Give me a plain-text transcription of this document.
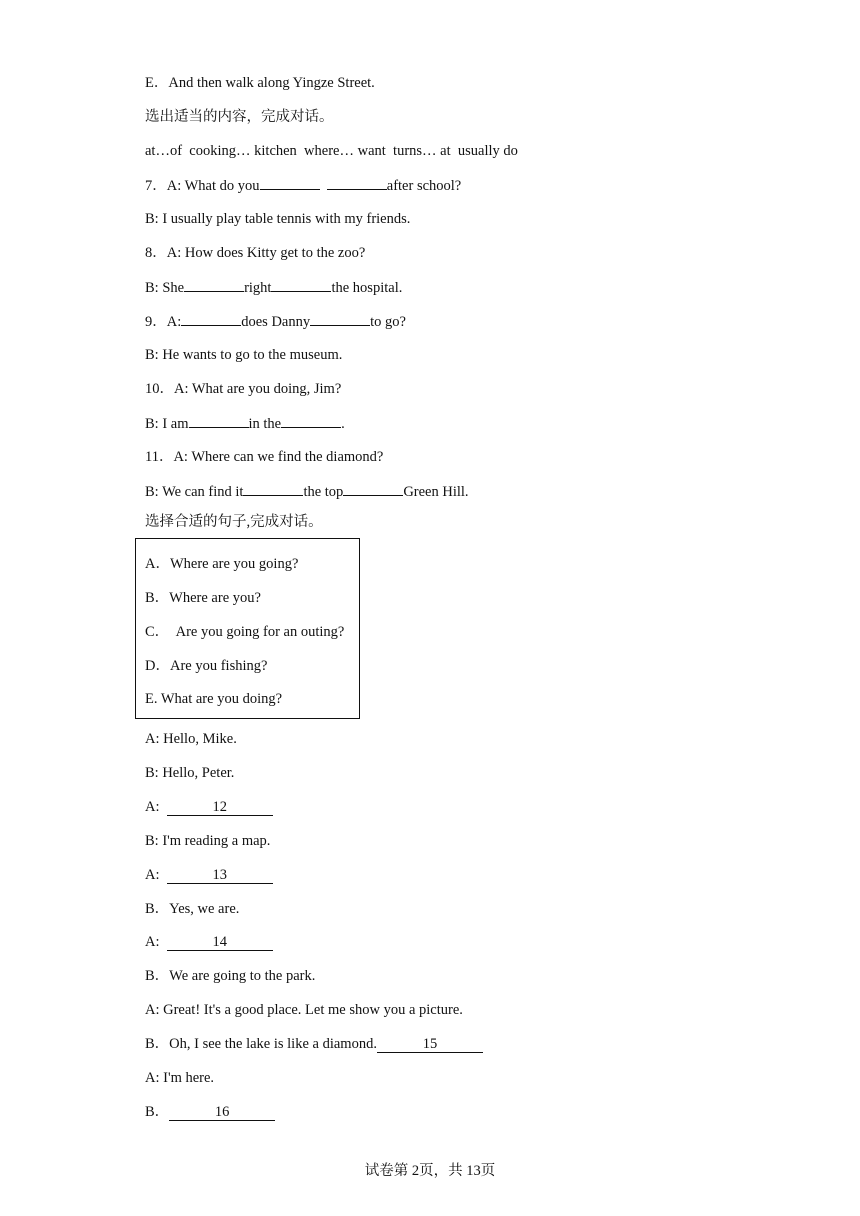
E．And then walk along Yingze Street.
选出适当的内容，完成对话。
at…of  cooking… kitchen  where… want  turns… at  usually do
7．A: What do you	after school?
B: I usually play table tennis with my friends.
8．A: How does Kitty get to the zoo?
B: She	right	the hospital.
9．A:	does Danny	to go?
B: He wants to go to the museum.
10．A: What are you doing, Jim?
B: I am	in the	.
11．A: Where can we find the diamond?
B: We can find it	the top	Green Hill.
选择合适的句子,完成对话。
A．Where are you going?
B．Where are you?
C．  Are you going for an outing?
D．Are you fishing?
E. What are you doing?
A: Hello, Mike.
B: Hello, Peter.
A:	12
B: I'm reading a map.
A:	13
B．Yes, we are.
A:	14
B．We are going to the park.
A: Great! It's a good place. Let me show you a picture.
B．Oh, I see the lake is like a diamond.	15
A: I'm here.
B．	16
试卷第 2页，共 13页
